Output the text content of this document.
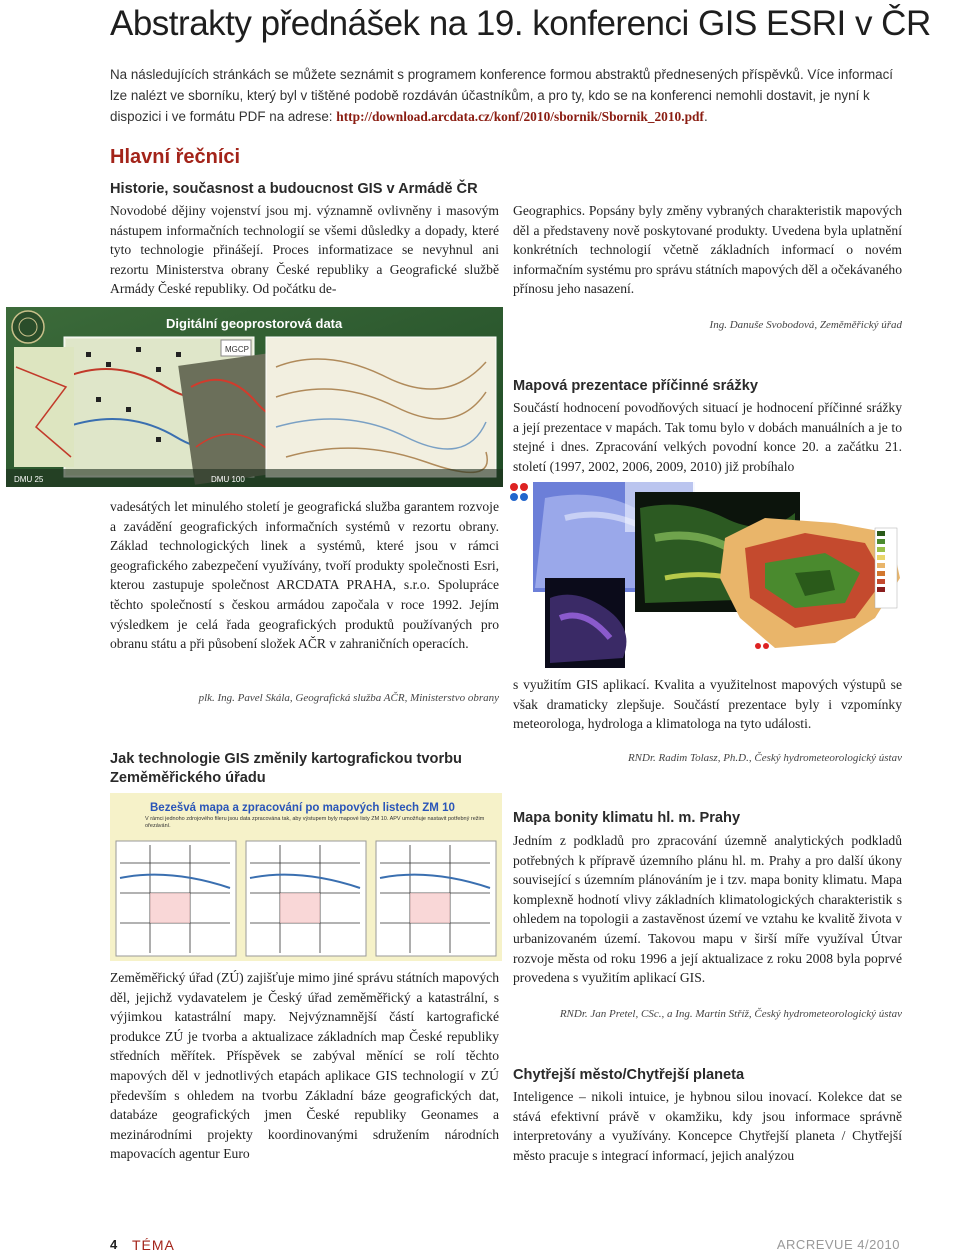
Abstrakty přednášek na 19. konferenci GIS ESRI v ČR
Na následujících stránkách se můžete seznámit s programem konference formou abstraktů přednesených příspěvků. Více informací lze nalézt ve sborníku, který byl v tištěné podobě rozdáván účastníkům, a pro ty, kdo se na konferenci nemohli dostavit, je nyní k dispozici i ve formátu PDF na adrese: http://download.arcdata.cz/konf/2010/sbornik/Sbornik_2010.pdf.
Hlavní řečníci
Historie, současnost a budoucnost GIS v Armádě ČR
Novodobé dějiny vojenství jsou mj. významně ovlivněny i masovým nástupem informačních technologií se všemi důsledky a dopady, které tyto technologie přinášejí. Proces informatizace se nevyhnul ani rezortu Ministerstva obrany České republiky a Geografické službě Armády České republiky. Od počátku de-
Geographics. Popsány byly změny vybraných charakteristik mapových děl a představeny nově poskytované produkty. Uvedena byla uplatnění konkrétních technologií včetně základních informací o novém informačním systému pro správu státních mapových děl a očekávaného přínosu jeho nasazení.
Ing. Danuše Svobodová, Zeměměřický úřad
Digitální geoprostorová data
MGCP
DMU 25	DMU 100
Mapová prezentace příčinné srážky
Součástí hodnocení povodňových situací je hodnocení příčinné srážky a její prezentace v mapách. Tak tomu bylo v dobách manuálních a je to stejné i dnes. Zpracování velkých povodní konce 20. a začátku 21. století (1997, 2002, 2006, 2009, 2010) již probíhalo
vadesátých let minulého století je geografická služba garantem rozvoje a zavádění geografických informačních systémů v rezortu obrany. Základ technologických linek a systémů, které jsou v rámci geografického zabezpečení využívány, tvoří produkty společnosti Esri, kterou zastupuje společnost ARCDATA PRAHA, s.r.o. Spolupráce těchto společností s českou armádou započala v roce 1992. Jejím výsledkem je celá řada geografických produktů používaných pro obranu státu a při působení složek AČR v zahraničních operacích.
plk. Ing. Pavel Skála, Geografická služba AČR, Ministerstvo obrany
s využitím GIS aplikací. Kvalita a využitelnost mapových výstupů se však dramaticky zlepšuje. Součástí prezentace byly i vzpomínky meteorologa, hydrologa a klimatologa na tyto události.
RNDr. Radim Tolasz, Ph.D., Český hydrometeorologický ústav
Jak technologie GIS změnily kartografickou tvorbu Zeměměřického úřadu
Bezešvá mapa a zpracování po mapových listech ZM 10
V rámci jednoho zdrojového fileru jsou data zpracována tak, aby výstupem byly mapové listy ZM 10. APV umožňuje nastavit potřebný režim ořezávání.
Zeměměřický úřad (ZÚ) zajišťuje mimo jiné správu státních mapových děl, jejichž vydavatelem je Český úřad zeměměřický a katastrální, s výjimkou katastrální mapy. Nejvýznamnější částí kartografické produkce ZÚ je tvorba a aktualizace základních map České republiky středních měřítek. Příspěvek se zabýval měnící se rolí těchto mapových děl v jednotlivých etapách aplikace GIS technologií v ZÚ především s ohledem na tvorbu Základní báze geografických dat, databáze geografických jmen České republiky Geonames a mezinárodními projekty koordinovanými sdružením národních mapovacích agentur Euro
Mapa bonity klimatu hl. m. Prahy
Jedním z podkladů pro zpracování územně analytických podkladů potřebných k přípravě územního plánu hl. m. Prahy a pro další úkony související s územním plánováním je i tzv. mapa bonity klimatu. Mapa komplexně hodnotí vlivy základních klimatologických charakteristik s ohledem na topologii a zastavěnost území ve vztahu ke kvalitě života v urbanizovaném území. Takovou mapu v širší míře využíval Útvar rozvoje města od roku 1996 a její aktualizace z roku 2008 byla poprvé provedena s využitím aplikací GIS.
RNDr. Jan Pretel, CSc., a Ing. Martin Stříž, Český hydrometeorologický ústav
Chytřejší město/Chytřejší planeta
Inteligence – nikoli intuice, je hybnou silou inovací. Kolekce dat se stává efektivní právě v okamžiku, kdy jsou informace správně interpretovány a využívány. Koncepce Chytřejší planeta / Chytřejší město pracuje s integrací informací, jejich analýzou
4 TÉMA	ARCREVUE 4/2010
